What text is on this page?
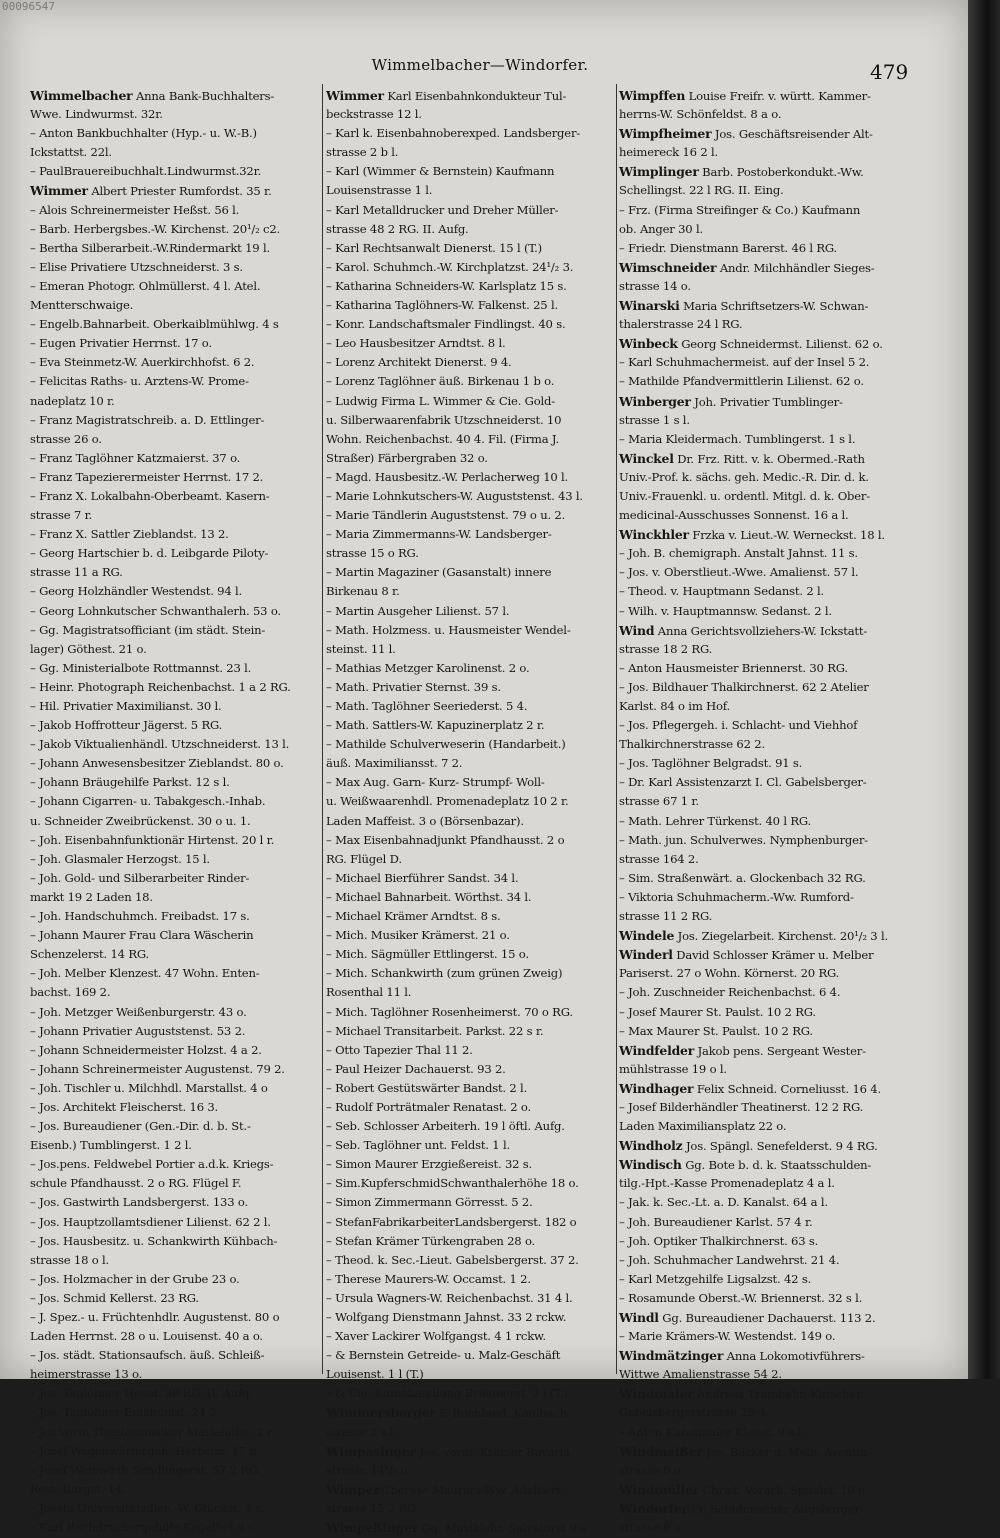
00096547
Wimmelbacher—Windorfer.	479
Wimmelbacher Anna Bank-Buchhalters-
Wwe. Lindwurmst. 32r.
– Anton Bankbuchhalter (Hyp.- u. W.-B.)
Ickstattst. 22l.
– PaulBrauereibuchhalt.Lindwurmst.32r.
Wimmer Albert Priester Rumfordst. 35 r.
– Alois Schreinermeister Heßst. 56 l.
– Barb. Herbergsbes.-W. Kirchenst. 20¹/₂ c2.
– Bertha Silberarbeit.-W.Rindermarkt 19 l.
– Elise Privatiere Utzschneiderst. 3 s.
– Emeran Photogr. Ohlmüllerst. 4 l. Atel.
Mentterschwaige.
– Engelb.Bahnarbeit. Oberkaiblmühlwg. 4 s
– Eugen Privatier Herrnst. 17 o.
– Eva Steinmetz-W. Auerkirchhofst. 6 2.
– Felicitas Raths- u. Arztens-W. Prome-
nadeplatz 10 r.
– Franz Magistratschreib. a. D. Ettlinger-
strasse 26 o.
– Franz Taglöhner Katzmaierst. 37 o.
– Franz Tapezierermeister Herrnst. 17 2.
– Franz X. Lokalbahn-Oberbeamt. Kasern-
strasse 7 r.
– Franz X. Sattler Zieblandst. 13 2.
– Georg Hartschier b. d. Leibgarde Piloty-
strasse 11 a RG.
– Georg Holzhändler Westendst. 94 l.
– Georg Lohnkutscher Schwanthalerh. 53 o.
– Gg. Magistratsofficiant (im städt. Stein-
lager) Göthest. 21 o.
– Gg. Ministerialbote Rottmannst. 23 l.
– Heinr. Photograph Reichenbachst. 1 a 2 RG.
– Hil. Privatier Maximilianst. 30 l.
– Jakob Hoffrotteur Jägerst. 5 RG.
– Jakob Viktualienhändl. Utzschneiderst. 13 l.
– Johann Anwesensbesitzer Zieblandst. 80 o.
– Johann Bräugehilfe Parkst. 12 s l.
– Johann Cigarren- u. Tabakgesch.-Inhab.
u. Schneider Zweibrückenst. 30 o u. 1.
– Joh. Eisenbahnfunktionär Hirtenst. 20 l r.
– Joh. Glasmaler Herzogst. 15 l.
– Joh. Gold- und Silberarbeiter Rinder-
markt 19 2 Laden 18.
– Joh. Handschuhmch. Freibadst. 17 s.
– Johann Maurer Frau Clara Wäscherin
Schenzelerst. 14 RG.
– Joh. Melber Klenzest. 47 Wohn. Enten-
bachst. 169 2.
– Joh. Metzger Weißenburgerstr. 43 o.
– Johann Privatier Auguststenst. 53 2.
– Johann Schneidermeister Holzst. 4 a 2.
– Johann Schreinermeister Augustenst. 79 2.
– Joh. Tischler u. Milchhdl. Marstallst. 4 o
– Jos. Architekt Fleischerst. 16 3.
– Jos. Bureaudiener (Gen.-Dir. d. b. St.-
Eisenb.) Tumblingerst. 1 2 l.
– Jos.pens. Feldwebel Portier a.d.k. Kriegs-
schule Pfandhausst. 2 o RG. Flügel F.
– Jos. Gastwirth Landsbergerst. 133 o.
– Jos. Hauptzollamtsdiener Lilienst. 62 2 l.
– Jos. Hausbesitz. u. Schankwirth Kühbach-
strasse 18 o l.
– Jos. Holzmacher in der Grube 23 o.
– Jos. Schmid Kellerst. 23 RG.
– J. Spez.- u. Früchtenhdlr. Augustenst. 80 o
Laden Herrnst. 28 o u. Louisenst. 40 a o.
– Jos. städt. Stationsaufsch. äuß. Schleiß-
heimerstrasse 13 o.
– Jos. Taglöhner Heust. 30 RG. II. Aufg.
– Jos. Taglöhner Emanuelst. 24 2.
– Jos.vorm.Theatermusiker Mariahilfst. 2 r.
– Josef Wagenwärtergeh. Herbstst. 17 r.
– Josef Weinwirth Sendlingerst. 57 2 RG.
Rest. Burgst. 14.
– Josefa Universitätsdien.-W. Glückst. 4 s.
– Karl Buchdruckergehilfe Kegelhof 9 o.
Wimmer Karl Eisenbahnkondukteur Tul-
beckstrasse 12 l.
– Karl k. Eisenbahnoberexped. Landsberger-
strasse 2 b l.
– Karl (Wimmer & Bernstein) Kaufmann
Louisenstrasse 1 l.
– Karl Metalldrucker und Dreher Müller-
strasse 48 2 RG. II. Aufg.
– Karl Rechtsanwalt Dienerst. 15 l (T.)
– Karol. Schuhmch.-W. Kirchplatzst. 24¹/₂ 3.
– Katharina Schneiders-W. Karlsplatz 15 s.
– Katharina Taglöhners-W. Falkenst. 25 l.
– Konr. Landschaftsmaler Findlingst. 40 s.
– Leo Hausbesitzer Arndtst. 8 l.
– Lorenz Architekt Dienerst. 9 4.
– Lorenz Taglöhner äuß. Birkenau 1 b o.
– Ludwig Firma L. Wimmer & Cie. Gold-
u. Silberwaarenfabrik Utzschneiderst. 10
Wohn. Reichenbachst. 40 4. Fil. (Firma J.
Straßer) Färbergraben 32 o.
– Magd. Hausbesitz.-W. Perlacherweg 10 l.
– Marie Lohnkutschers-W. Auguststenst. 43 l.
– Marie Tändlerin Auguststenst. 79 o u. 2.
– Maria Zimmermanns-W. Landsberger-
strasse 15 o RG.
– Martin Magaziner (Gasanstalt) innere
Birkenau 8 r.
– Martin Ausgeher Lilienst. 57 l.
– Math. Holzmess. u. Hausmeister Wendel-
steinst. 11 l.
– Mathias Metzger Karolinenst. 2 o.
– Math. Privatier Sternst. 39 s.
– Math. Taglöhner Seeriederst. 5 4.
– Math. Sattlers-W. Kapuzinerplatz 2 r.
– Mathilde Schulverweserin (Handarbeit.)
äuß. Maximiliansst. 7 2.
– Max Aug. Garn- Kurz- Strumpf- Woll-
u. Weißwaarenhdl. Promenadeplatz 10 2 r.
Laden Maffeist. 3 o (Börsenbazar).
– Max Eisenbahnadjunkt Pfandhausst. 2 o
RG. Flügel D.
– Michael Bierführer Sandst. 34 l.
– Michael Bahnarbeit. Wörthst. 34 l.
– Michael Krämer Arndtst. 8 s.
– Mich. Musiker Krämerst. 21 o.
– Mich. Sägmüller Ettlingerst. 15 o.
– Mich. Schankwirth (zum grünen Zweig)
Rosenthal 11 l.
– Mich. Taglöhner Rosenheimerst. 70 o RG.
– Michael Transitarbeit. Parkst. 22 s r.
– Otto Tapezier Thal 11 2.
– Paul Heizer Dachauerst. 93 2.
– Robert Gestütswärter Bandst. 2 l.
– Rudolf Porträtmaler Renatast. 2 o.
– Seb. Schlosser Arbeiterh. 19 l öftl. Aufg.
– Seb. Taglöhner unt. Feldst. 1 l.
– Simon Maurer Erzgießereist. 32 s.
– Sim.KupferschmidSchwanthalerhöhe 18 o.
– Simon Zimmermann Görresst. 5 2.
– StefanFabrikarbeiterLandsbergerst. 182 o
– Stefan Krämer Türkengraben 28 o.
– Theod. k. Sec.-Lieut. Gabelsbergerst. 37 2.
– Therese Maurers-W. Occamst. 1 2.
– Ursula Wagners-W. Reichenbachst. 31 4 l.
– Wolfgang Dienstmann Jahnst. 33 2 rckw.
– Xaver Lackirer Wolfgangst. 4 1 rckw.
– & Bernstein Getreide- u. Malz-Geschäft
Louisenst. 1 l (T.)
– & Cie. Kunsthandlung Briennerst. 3 l (T.)
Wimmersberger F. Buchbind. Kaulbach-
strasse 2 s l.
Wimpasinger Jos. vorm. Krämer Bavaria-
strasse 14¹/₂ o.
Wimper Therese Maurers-Ww. Adalbert-
strasse 15 2 RG.
Wimpeßinger Gg. Musiklehr. Salvatorst 9 s
Wimpffen Louise Freifr. v. württ. Kammer-
herrns-W. Schönfeldst. 8 a o.
Wimpfheimer Jos. Geschäftsreisender Alt-
heimereck 16 2 l.
Wimplinger Barb. Postoberkondukt.-Ww.
Schellingst. 22 l RG. II. Eing.
– Frz. (Firma Streifinger & Co.) Kaufmann
ob. Anger 30 l.
– Friedr. Dienstmann Barerst. 46 l RG.
Wimschneider Andr. Milchhändler Sieges-
strasse 14 o.
Winarski Maria Schriftsetzers-W. Schwan-
thalerstrasse 24 l RG.
Winbeck Georg Schneidermst. Lilienst. 62 o.
– Karl Schuhmachermeist. auf der Insel 5 2.
– Mathilde Pfandvermittlerin Lilienst. 62 o.
Winberger Joh. Privatier Tumblinger-
strasse 1 s l.
– Maria Kleidermach. Tumblingerst. 1 s l.
Winckel Dr. Frz. Ritt. v. k. Obermed.-Rath
Univ.-Prof. k. sächs. geh. Medic.-R. Dir. d. k.
Univ.-Frauenkl. u. ordentl. Mitgl. d. k. Ober-
medicinal-Ausschusses Sonnenst. 16 a l.
Winckhler Frzka v. Lieut.-W. Werneckst. 18 l.
– Joh. B. chemigraph. Anstalt Jahnst. 11 s.
– Jos. v. Oberstlieut.-Wwe. Amalienst. 57 l.
– Theod. v. Hauptmann Sedanst. 2 l.
– Wilh. v. Hauptmannsw. Sedanst. 2 l.
Wind Anna Gerichtsvollziehers-W. Ickstatt-
strasse 18 2 RG.
– Anton Hausmeister Briennerst. 30 RG.
– Jos. Bildhauer Thalkirchnerst. 62 2 Atelier
Karlst. 84 o im Hof.
– Jos. Pflegergeh. i. Schlacht- und Viehhof
Thalkirchnerstrasse 62 2.
– Jos. Taglöhner Belgradst. 91 s.
– Dr. Karl Assistenzarzt I. Cl. Gabelsberger-
strasse 67 1 r.
– Math. Lehrer Türkenst. 40 l RG.
– Math. jun. Schulverwes. Nymphenburger-
strasse 164 2.
– Sim. Straßenwärt. a. Glockenbach 32 RG.
– Viktoria Schuhmacherm.-Ww. Rumford-
strasse 11 2 RG.
Windele Jos. Ziegelarbeit. Kirchenst. 20¹/₂ 3 l.
Winderl David Schlosser Krämer u. Melber
Pariserst. 27 o Wohn. Körnerst. 20 RG.
– Joh. Zuschneider Reichenbachst. 6 4.
– Josef Maurer St. Paulst. 10 2 RG.
– Max Maurer St. Paulst. 10 2 RG.
Windfelder Jakob pens. Sergeant Wester-
mühlstrasse 19 o l.
Windhager Felix Schneid. Corneliusst. 16 4.
– Josef Bilderhändler Theatinerst. 12 2 RG.
Laden Maximiliansplatz 22 o.
Windholz Jos. Spängl. Senefelderst. 9 4 RG.
Windisch Gg. Bote b. d. k. Staatsschulden-
tilg.-Hpt.-Kasse Promenadeplatz 4 a l.
– Jak. k. Sec.-Lt. a. D. Kanalst. 64 a l.
– Joh. Bureaudiener Karlst. 57 4 r.
– Joh. Optiker Thalkirchnerst. 63 s.
– Joh. Schuhmacher Landwehrst. 21 4.
– Karl Metzgehilfe Ligsalzst. 42 s.
– Rosamunde Oberst.-W. Briennerst. 32 s l.
Windl Gg. Bureaudiener Dachauerst. 113 2.
– Marie Krämers-W. Westendst. 149 o.
Windmätzinger Anna Lokomotivführers-
Wittwe Amalienstrasse 54 2.
Windmaier Andreas Trambahn-Kutscher
Gabelsbergerstrasse 29 4.
– Anton Kunstmaler Kleest. 9 s l.
Windmeißer Jos. Bäcker u. Melb. Aventin-
strasse 8 o.
Windmüller Christ. Vorarb. Spitalst. 10 o
Windorfer Fr. Schuhmacher Augsburger-
strasse 6 o.
